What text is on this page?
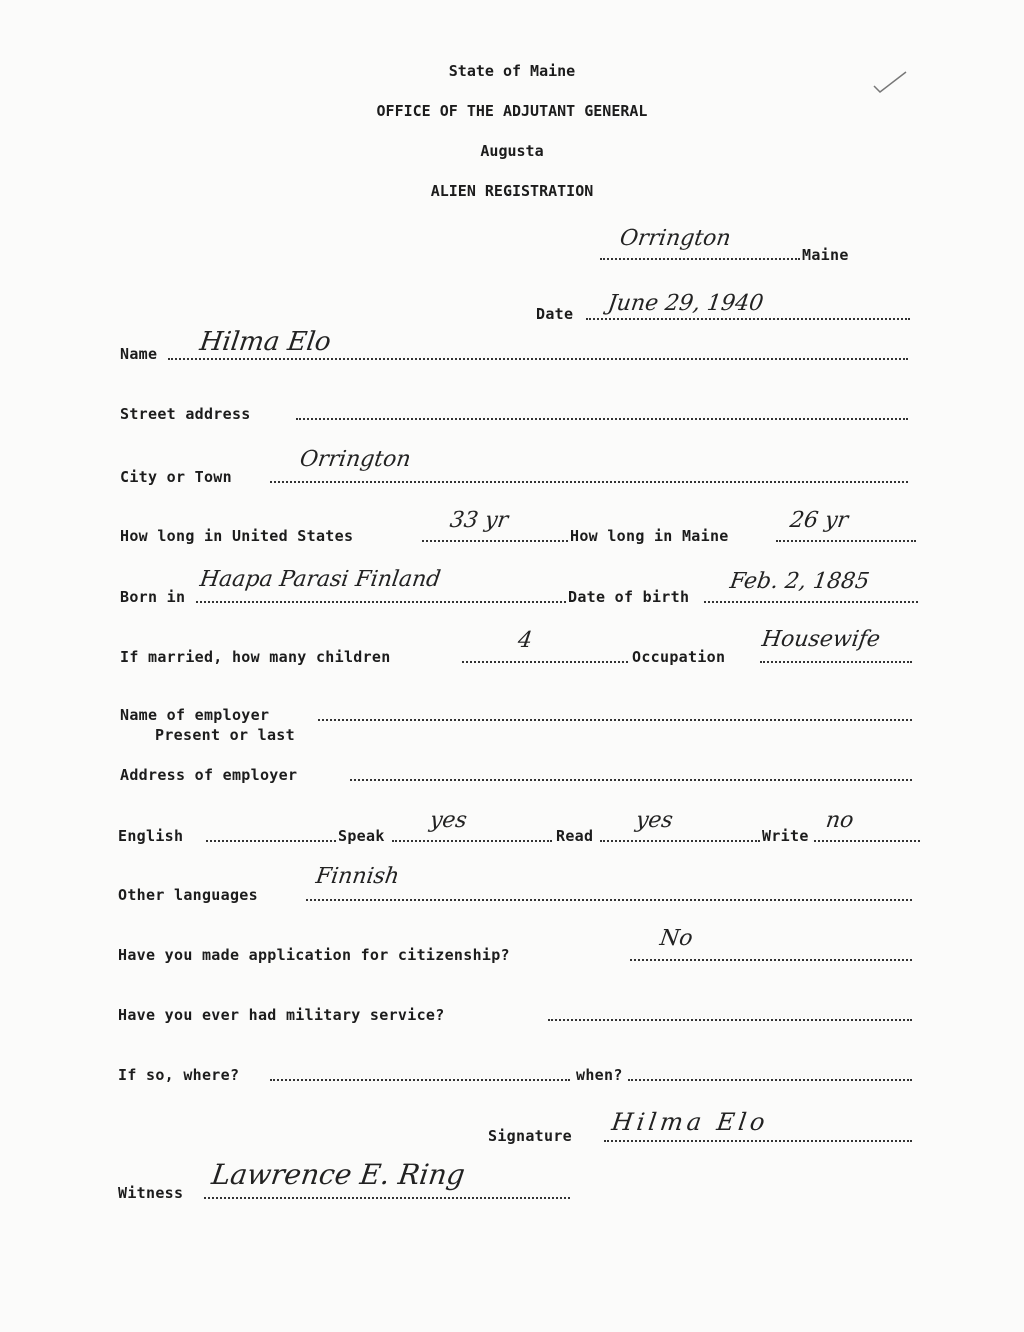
State of Maine
OFFICE OF THE ADJUTANT GENERAL
Augusta
ALIEN REGISTRATION
Orrington
Maine
Date June 29, 1940
Name Hilma Elo
Street address
City or Town
Orrington
How long in United States
33 yr
How long in Maine
26 yr
Born in
Haapa Parasi Finland
Date of birth
Feb. 2, 1885
If married, how many children
4
Occupation
Housewife
Name of employer
Present or last
Address of employer
English	Speak
yes
Read
yes
Write
no
Other languages
Finnish
Have you made application for citizenship?
No
Have you ever had military service?
If so, where?	when?
Signature Hilma Elo
Witness
Lawrence E. Ring
